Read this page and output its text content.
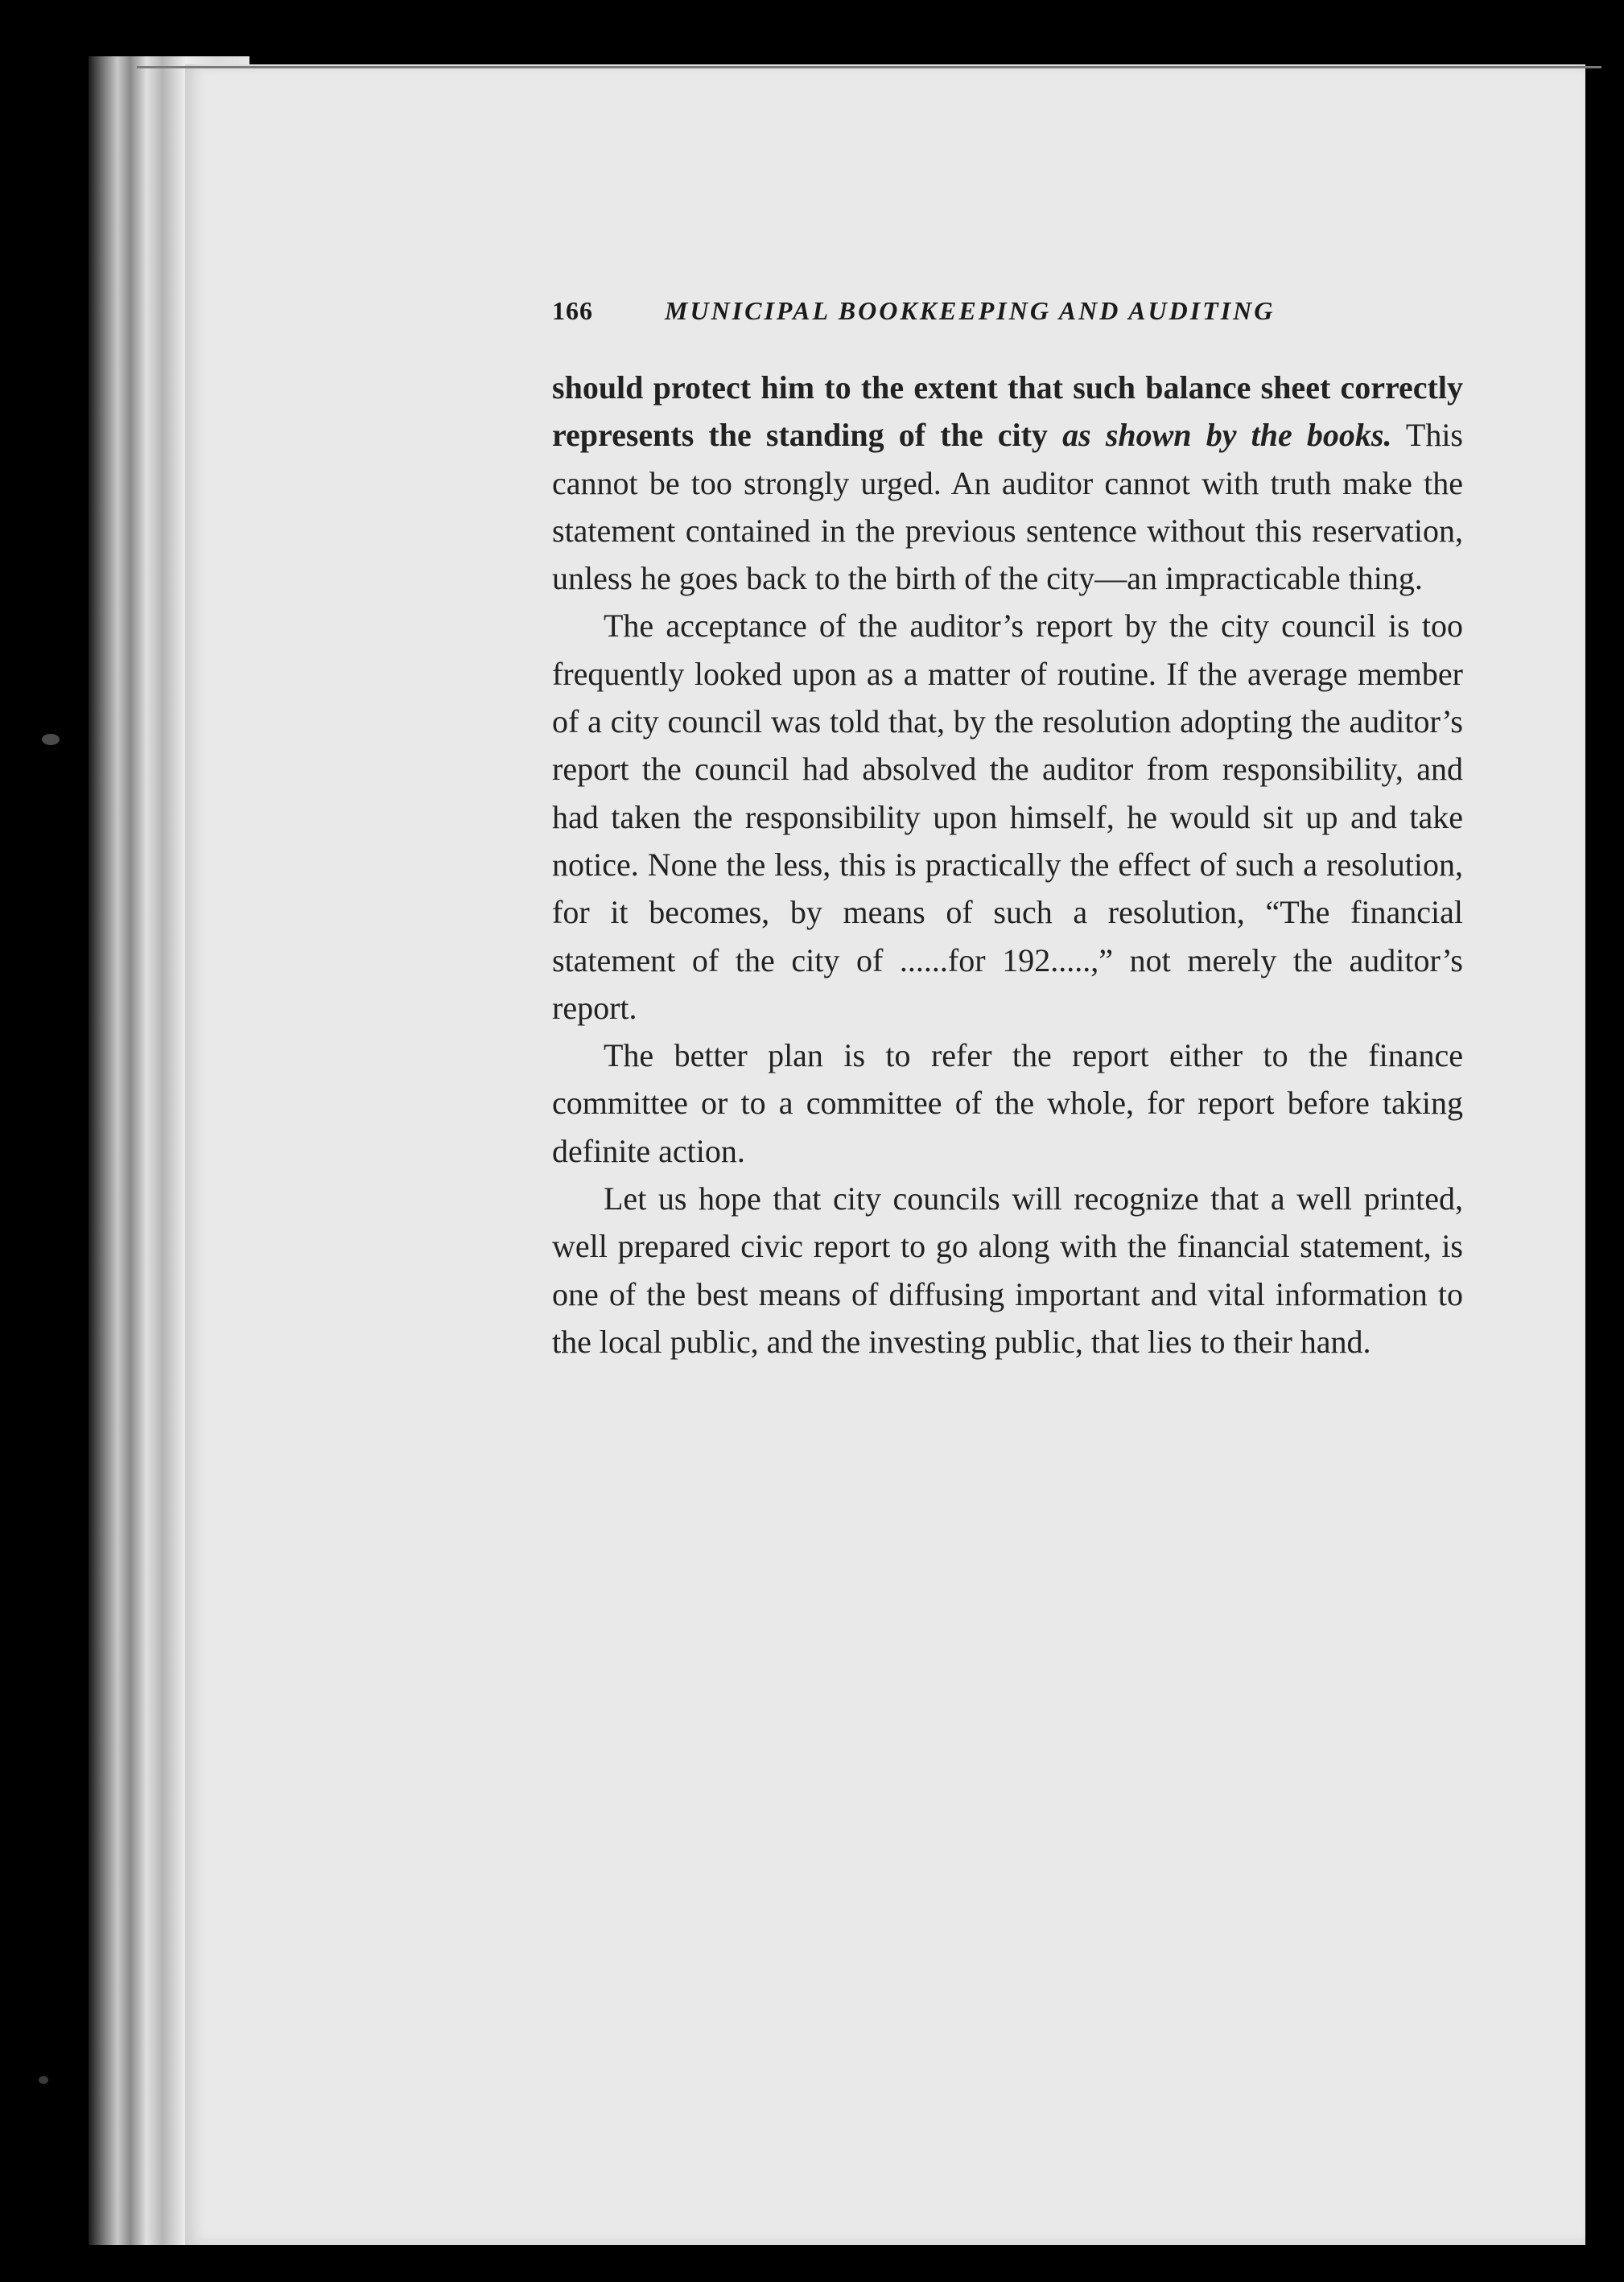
166	MUNICIPAL BOOKKEEPING AND AUDITING

should protect him to the extent that such balance sheet correctly represents the standing of the city as shown by the books. This cannot be too strongly urged. An auditor cannot with truth make the statement contained in the previous sentence without this reservation, unless he goes back to the birth of the city—an impracticable thing.

The acceptance of the auditor’s report by the city council is too frequently looked upon as a matter of routine. If the average member of a city council was told that, by the resolution adopting the auditor’s report the council had absolved the auditor from responsibility, and had taken the responsibility upon himself, he would sit up and take notice. None the less, this is practically the effect of such a resolution, for it becomes, by means of such a resolution, “The financial statement of the city of ......for 192.....,” not merely the auditor’s report.

The better plan is to refer the report either to the finance committee or to a committee of the whole, for report before taking definite action.

Let us hope that city councils will recognize that a well printed, well prepared civic report to go along with the financial statement, is one of the best means of diffusing important and vital information to the local public, and the investing public, that lies to their hand.
